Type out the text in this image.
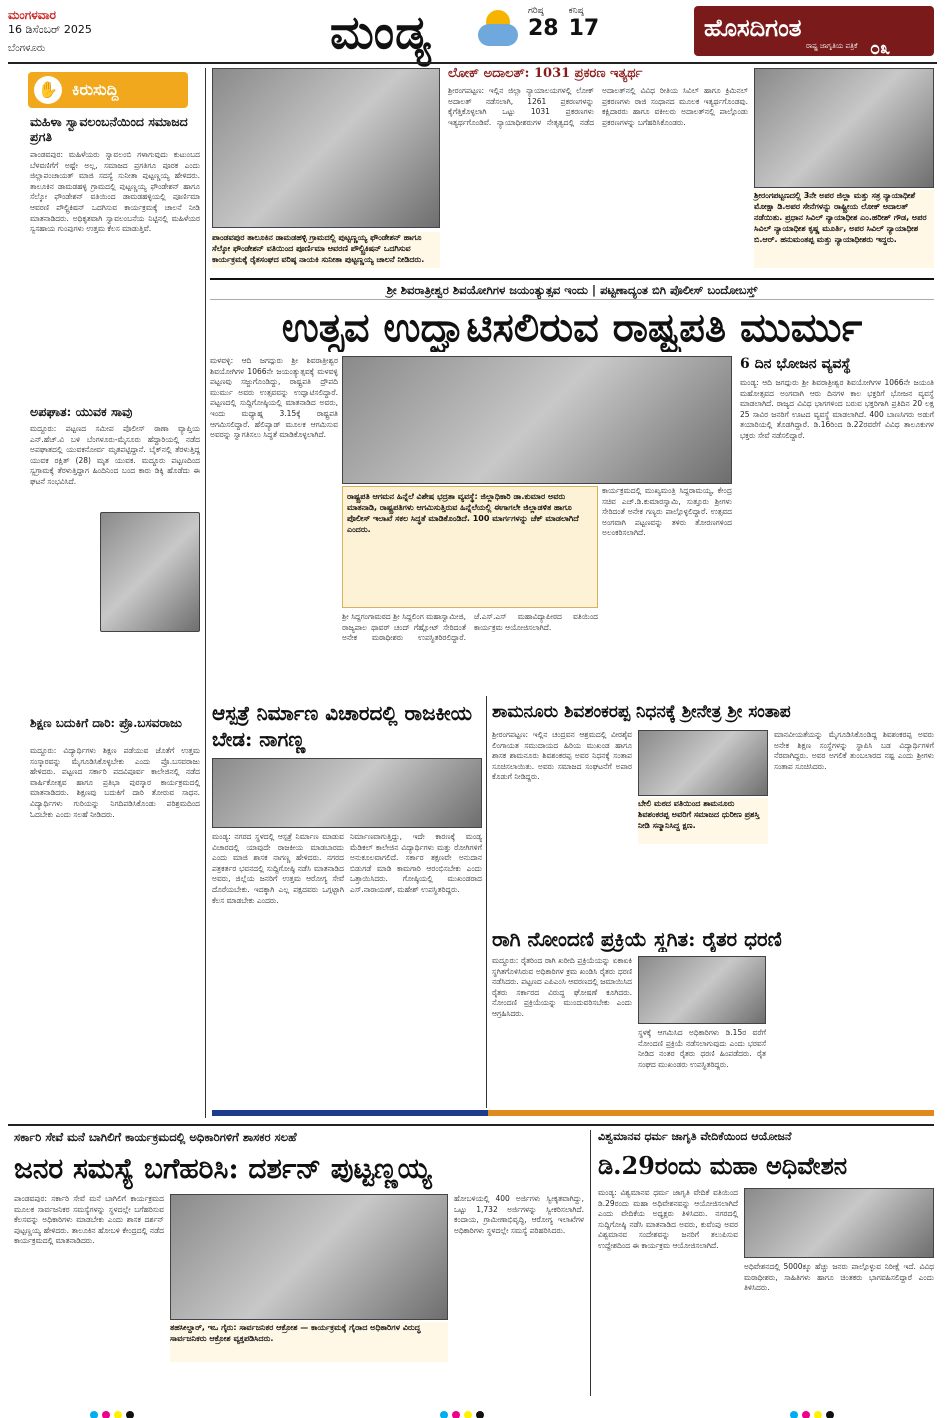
ಮಂಗಳವಾರ
16 ಡಿಸೆಂಬರ್ 2025
ಬೆಂಗಳೂರು	ಮಂಡ್ಯ	ಗರಿಷ್ಠ
28
ಕನಿಷ್ಠ
17	ಹೊಸದಿಗಂತ
ರಾಷ್ಟ್ರ ಜಾಗೃತಿಯ ಪತ್ರಿಕೆ ೦೩
✋ ಕಿರುಸುದ್ದಿ
ಮಹಿಳಾ ಸ್ವಾವಲಂಬನೆಯಿಂದ ಸಮಾಜದ ಪ್ರಗತಿ
ಪಾಂಡವಪುರ: ಮಹಿಳೆಯರು ಸ್ವಾವಲಂಬಿ ಗಳಾಗುವುದು ಕುಟುಂಬದ ಬೆಳವಣಿಗೆಗೆ ಅಷ್ಟೇ ಅಲ್ಲ, ಸಮಾಜದ ಪ್ರಗತಿಗೂ ಪೂರಕ ಎಂದು ಜಿಲ್ಲಾಪಂಚಾಯತ್ ಮಾಜಿ ಸದಸ್ಯೆ ಸುನೀತಾ ಪುಟ್ಟಣ್ಣಯ್ಯ ಹೇಳಿದರು. ತಾಲೂಕಿನ ಡಾಮಡಹಳ್ಳಿ ಗ್ರಾಮದಲ್ಲಿ ಪುಟ್ಟಣ್ಣಯ್ಯ ಫೌಂಡೇಶನ್ ಹಾಗೂ ಸೆಲ್ಕೋ ಫೌಂಡೇಶನ್ ವತಿಯಿಂದ ಡಾಮಡಹಳ್ಳಿಯಲ್ಲಿ ಪೂರ್ಣಿಮಾ ಆವರಣಿ ಪೌಲ್ಟ್ರಿಕಿಷನ್ ಒದಗಿಸುವ ಕಾರ್ಯಕ್ರಮಕ್ಕೆ ಚಾಲನೆ ನೀಡಿ ಮಾತನಾಡಿದರು. ಅಧಿಕೃತವಾಗಿ ಸ್ವಾವಲಂಬನೆಯ ನಿಟ್ಟಿನಲ್ಲಿ ಮಹಿಳೆಯರ ಸ್ವಸಹಾಯ ಗುಂಪುಗಳು ಉತ್ತಮ ಕೆಲಸ ಮಾಡುತ್ತಿವೆ.
ಅಪಘಾತ: ಯುವಕ ಸಾವು
ಮದ್ದೂರು: ಪಟ್ಟಣದ ಸಮೀಪ ಪೊಲೀಸ್ ಠಾಣಾ ವ್ಯಾಪ್ತಿಯ ಎನ್.ಹೆಚ್.ವಿ ಬಳಿ ಬೆಂಗಳೂರು-ಮೈಸೂರು ಹೆದ್ದಾರಿಯಲ್ಲಿ ನಡೆದ ಅಪಘಾತದಲ್ಲಿ ಯುವಕನೋರ್ವ ಮೃತಪಟ್ಟಿದ್ದಾನೆ. ಬೈಕ್‌ನಲ್ಲಿ ತೆರಳುತ್ತಿದ್ದ ಯುವಕ ರಕ್ಷಿತ್ (28) ಮೃತ ಯುವಕ. ಮದ್ದೂರು ಪಟ್ಟಣದಿಂದ ಸ್ವಗ್ರಾಮಕ್ಕೆ ತೆರಳುತ್ತಿದ್ದಾಗ ಹಿಂದಿನಿಂದ ಬಂದ ಕಾರು ಡಿಕ್ಕಿ ಹೊಡೆದು ಈ ಘಟನೆ ಸಂಭವಿಸಿದೆ.
ಶಿಕ್ಷಣ ಬದುಕಿಗೆ ದಾರಿ: ಪ್ರೊ.ಬಸವರಾಜು
ಮದ್ದೂರು: ವಿದ್ಯಾರ್ಥಿಗಳು ಶಿಕ್ಷಣ ಪಡೆಯುವ ಜೊತೆಗೆ ಉತ್ತಮ ಸಂಸ್ಕಾರವನ್ನು ಮೈಗೂಡಿಸಿಕೊಳ್ಳಬೇಕು ಎಂದು ಪ್ರೊ.ಬಸವರಾಜು ಹೇಳಿದರು. ಪಟ್ಟಣದ ಸರ್ಕಾರಿ ಪದವಿಪೂರ್ವ ಕಾಲೇಜಿನಲ್ಲಿ ನಡೆದ ವಾರ್ಷಿಕೋತ್ಸವ ಹಾಗೂ ಪ್ರತಿಭಾ ಪುರಸ್ಕಾರ ಕಾರ್ಯಕ್ರಮದಲ್ಲಿ ಮಾತನಾಡಿದರು. ಶಿಕ್ಷಣವು ಬದುಕಿಗೆ ದಾರಿ ತೋರುವ ಸಾಧನ. ವಿದ್ಯಾರ್ಥಿಗಳು ಗುರಿಯನ್ನು ನಿಗದಿಪಡಿಸಿಕೊಂಡು ಪರಿಶ್ರಮದಿಂದ ಓದಬೇಕು ಎಂದು ಸಲಹೆ ನೀಡಿದರು.
ಪಾಂಡವಪುರ ತಾಲೂಕಿನ ಡಾಮಡಹಳ್ಳಿ ಗ್ರಾಮದಲ್ಲಿ ಪುಟ್ಟಣ್ಣಯ್ಯ ಫೌಂಡೇಶನ್ ಹಾಗೂ ಸೆಲ್ಕೋ ಫೌಂಡೇಶನ್ ವತಿಯಿಂದ ಪೂರ್ಣಿಮಾ ಆವರಣಿ ಪೌಲ್ಟ್ರಿಕಿಷನ್ ಒದಗಿಸುವ ಕಾರ್ಯಕ್ರಮಕ್ಕೆ ರೈತಸಂಘದ ವರಿಷ್ಠ ನಾಯಕಿ ಸುನೀತಾ ಪುಟ್ಟಣ್ಣಯ್ಯ ಚಾಲನೆ ನೀಡಿದರು.
ಲೋಕ್ ಅದಾಲತ್: 1031 ಪ್ರಕರಣ ಇತ್ಯರ್ಥ
ಶ್ರೀರಂಗಪಟ್ಟಣ: ಇಲ್ಲಿನ ಜಿಲ್ಲಾ ನ್ಯಾಯಾಲಯಗಳಲ್ಲಿ ಲೋಕ್ ಅದಾಲತ್ ನಡೆಸಲಾಗಿ, 1261 ಪ್ರಕರಣಗಳನ್ನು ಕೈಗೆತ್ತಿಕೊಳ್ಳಲಾಗಿ ಒಟ್ಟು 1031 ಪ್ರಕರಣಗಳು ಇತ್ಯರ್ಥಗೊಂಡಿವೆ. ನ್ಯಾಯಾಧೀಶರುಗಳ ನೇತೃತ್ವದಲ್ಲಿ ನಡೆದ ಅದಾಲತ್‌ನಲ್ಲಿ ವಿವಿಧ ರೀತಿಯ ಸಿವಿಲ್ ಹಾಗೂ ಕ್ರಿಮಿನಲ್ ಪ್ರಕರಣಗಳು ರಾಜಿ ಸಂಧಾನದ ಮೂಲಕ ಇತ್ಯರ್ಥಗೊಂಡವು. ಕಕ್ಷಿದಾರರು ಹಾಗೂ ವಕೀಲರು ಅದಾಲತ್‌ನಲ್ಲಿ ಪಾಲ್ಗೊಂಡು ಪ್ರಕರಣಗಳನ್ನು ಬಗೆಹರಿಸಿಕೊಂಡರು.
ಶ್ರೀರಂಗಪಟ್ಟಣದಲ್ಲಿ 3ನೇ ಅಪರ ಜಿಲ್ಲಾ ಮತ್ತು ಸತ್ರ ನ್ಯಾಯಾಧೀಶೆ ಮೋಕ್ಷಾ ಡಿ.ಅಪರ ಸೇನೆಗಳನ್ನು ರಾಷ್ಟ್ರೀಯ ಲೋಕ್ ಅದಾಲತ್ ನಡೆಯಿತು. ಪ್ರಧಾನ ಸಿವಿಲ್ ನ್ಯಾಯಾಧೀಶ ಎಂ.ಹರೀಶ್ ಗೌಡ, ಅಪರ ಸಿವಿಲ್ ನ್ಯಾಯಾಧೀಶ ಕೃಷ್ಣ ಮೂರ್ತಿ, ಅಪರ ಸಿವಿಲ್ ನ್ಯಾಯಾಧೀಶ ಬಿ.ಆರ್. ಹನುಮಂತಪ್ಪ ಮತ್ತು ನ್ಯಾಯಾಧೀಶರು ಇದ್ದರು.
ಶ್ರೀ ಶಿವರಾತ್ರೀಶ್ವರ ಶಿವಯೋಗಿಗಳ ಜಯಂತ್ಯುತ್ಸವ ಇಂದು | ಪಟ್ಟಣಾದ್ಯಂತ ಬಿಗಿ ಪೊಲೀಸ್ ಬಂದೋಬಸ್ತ್
ಉತ್ಸವ ಉದ್ಘಾಟಿಸಲಿರುವ ರಾಷ್ಟ್ರಪತಿ ಮುರ್ಮು
ಮಳವಳ್ಳಿ: ಆದಿ ಜಗದ್ಗುರು ಶ್ರೀ ಶಿವರಾತ್ರೀಶ್ವರ ಶಿವಯೋಗಿಗಳ 1066ನೇ ಜಯಂತ್ಯುತ್ಸವಕ್ಕೆ ಮಳವಳ್ಳಿ ಪಟ್ಟಣವು ಸಜ್ಜುಗೊಂಡಿದ್ದು, ರಾಷ್ಟ್ರಪತಿ ದ್ರೌಪದಿ ಮುರ್ಮು ಅವರು ಉತ್ಸವವನ್ನು ಉದ್ಘಾಟಿಸಲಿದ್ದಾರೆ. ಪಟ್ಟಣದಲ್ಲಿ ಸುದ್ದಿಗೋಷ್ಠಿಯಲ್ಲಿ ಮಾತನಾಡಿದ ಅವರು, ಇಂದು ಮಧ್ಯಾಹ್ನ 3.15ಕ್ಕೆ ರಾಷ್ಟ್ರಪತಿ ಆಗಮಿಸಲಿದ್ದಾರೆ. ಹೆಲಿಪ್ಯಾಡ್ ಮೂಲಕ ಆಗಮಿಸುವ ಅವರನ್ನು ಸ್ವಾಗತಿಸಲು ಸಿದ್ಧತೆ ಮಾಡಿಕೊಳ್ಳಲಾಗಿದೆ.
ರಾಷ್ಟ್ರಪತಿ ಆಗಮನ ಹಿನ್ನೆಲೆ ವಿಶೇಷ ಭದ್ರತಾ ವ್ಯವಸ್ಥೆ: ಜಿಲ್ಲಾಧಿಕಾರಿ ಡಾ.ಕುಮಾರ ಅವರು ಮಾತನಾಡಿ, ರಾಷ್ಟ್ರಪತಿಗಳು ಆಗಮಿಸುತ್ತಿರುವ ಹಿನ್ನೆಲೆಯಲ್ಲಿ ಈಗಾಗಲೇ ಜಿಲ್ಲಾಡಳಿತ ಹಾಗೂ ಪೊಲೀಸ್ ಇಲಾಖೆ ಸಕಲ ಸಿದ್ಧತೆ ಮಾಡಿಕೊಂಡಿದೆ. 100 ಮಾರ್ಗಗಳನ್ನು ಚೆಕ್ ಮಾಡಲಾಗಿದೆ ಎಂದರು.
ಕಾರ್ಯಕ್ರಮದಲ್ಲಿ ಮುಖ್ಯಮಂತ್ರಿ ಸಿದ್ದರಾಮಯ್ಯ, ಕೇಂದ್ರ ಸಚಿವ ಎಚ್.ಡಿ.ಕುಮಾರಸ್ವಾಮಿ, ಸುತ್ತೂರು ಶ್ರೀಗಳು ಸೇರಿದಂತೆ ಅನೇಕ ಗಣ್ಯರು ಪಾಲ್ಗೊಳ್ಳಲಿದ್ದಾರೆ. ಉತ್ಸವದ ಅಂಗವಾಗಿ ಪಟ್ಟಣವನ್ನು ತಳಿರು ತೋರಣಗಳಿಂದ ಅಲಂಕರಿಸಲಾಗಿದೆ.
ಶ್ರೀ ಸಿದ್ದಗಂಗಾಮಠದ ಶ್ರೀ ಸಿದ್ದಲಿಂಗ ಮಹಾಸ್ವಾಮೀಜಿ, ರಾಜ್ಯಪಾಲ ಥಾವರ್ ಚಂದ್ ಗೆಹ್ಲೋಟ್ ಸೇರಿದಂತೆ ಅನೇಕ ಮಠಾಧೀಶರು ಉಪಸ್ಥಿತರಿರಲಿದ್ದಾರೆ. ಜೆ.ಎಸ್.ಎಸ್ ಮಹಾವಿದ್ಯಾಪೀಠದ ವತಿಯಿಂದ ಕಾರ್ಯಕ್ರಮ ಆಯೋಜಿಸಲಾಗಿದೆ.
6 ದಿನ ಭೋಜನ ವ್ಯವಸ್ಥೆ
ಮಂಡ್ಯ: ಆದಿ ಜಗದ್ಗುರು ಶ್ರೀ ಶಿವರಾತ್ರೀಶ್ವರ ಶಿವಯೋಗಿಗಳ 1066ನೇ ಜಯಂತಿ ಮಹೋತ್ಸವದ ಅಂಗವಾಗಿ ಆರು ದಿನಗಳ ಕಾಲ ಭಕ್ತರಿಗೆ ಭೋಜನ ವ್ಯವಸ್ಥೆ ಮಾಡಲಾಗಿದೆ. ರಾಜ್ಯದ ವಿವಿಧ ಭಾಗಗಳಿಂದ ಬರುವ ಭಕ್ತರಿಗಾಗಿ ಪ್ರತಿದಿನ 20 ಲಕ್ಷ 25 ಸಾವಿರ ಜನರಿಗೆ ಊಟದ ವ್ಯವಸ್ಥೆ ಮಾಡಲಾಗಿದೆ. 400 ಬಾಣಸಿಗರು ಅಡುಗೆ ತಯಾರಿಯಲ್ಲಿ ತೊಡಗಿದ್ದಾರೆ. ಡಿ.16ರಿಂದ ಡಿ.22ರವರೆಗೆ ವಿವಿಧ ತಾಲೂಕುಗಳ ಭಕ್ತರು ಸೇವೆ ನಡೆಸಲಿದ್ದಾರೆ.
ಆಸ್ಪತ್ರೆ ನಿರ್ಮಾಣ ವಿಚಾರದಲ್ಲಿ ರಾಜಕೀಯ ಬೇಡ: ನಾಗಣ್ಣ
ಮಂಡ್ಯ: ನಗರದ ಸ್ಥಳದಲ್ಲಿ ಆಸ್ಪತ್ರೆ ನಿರ್ಮಾಣ ಮಾಡುವ ವಿಚಾರದಲ್ಲಿ ಯಾವುದೇ ರಾಜಕೀಯ ಮಾಡಬಾರದು ಎಂದು ಮಾಜಿ ಶಾಸಕ ನಾಗಣ್ಣ ಹೇಳಿದರು. ನಗರದ ಪತ್ರಕರ್ತರ ಭವನದಲ್ಲಿ ಸುದ್ದಿಗೋಷ್ಠಿ ನಡೆಸಿ ಮಾತನಾಡಿದ ಅವರು, ಜಿಲ್ಲೆಯ ಜನರಿಗೆ ಉತ್ತಮ ಆರೋಗ್ಯ ಸೇವೆ ದೊರೆಯಬೇಕು. ಇದಕ್ಕಾಗಿ ಎಲ್ಲ ಪಕ್ಷದವರು ಒಗ್ಗಟ್ಟಾಗಿ ಕೆಲಸ ಮಾಡಬೇಕು ಎಂದರು.
ನಿರ್ಮಾಣವಾಗುತ್ತಿದ್ದು, ಇದೇ ಕಾರಣಕ್ಕೆ ಮಂಡ್ಯ ಮೆಡಿಕಲ್ ಕಾಲೇಜಿನ ವಿದ್ಯಾರ್ಥಿಗಳು ಮತ್ತು ರೋಗಿಗಳಿಗೆ ಅನುಕೂಲವಾಗಲಿದೆ. ಸರ್ಕಾರ ತಕ್ಷಣವೇ ಅನುದಾನ ಬಿಡುಗಡೆ ಮಾಡಿ ಕಾಮಗಾರಿ ಆರಂಭಿಸಬೇಕು ಎಂದು ಒತ್ತಾಯಿಸಿದರು. ಗೋಷ್ಠಿಯಲ್ಲಿ ಮುಖಂಡರಾದ ಎಸ್.ನಾರಾಯಣ್, ಮಹೇಶ್ ಉಪಸ್ಥಿತರಿದ್ದರು.
ಶಾಮನೂರು ಶಿವಶಂಕರಪ್ಪ ನಿಧನಕ್ಕೆ ಶ್ರೀನೇತ್ರ ಶ್ರೀ ಸಂತಾಪ
ಶ್ರೀರಂಗಪಟ್ಟಣ: ಇಲ್ಲಿನ ಚಂದ್ರವನ ಆಶ್ರಮದಲ್ಲಿ ವೀರಶೈವ ಲಿಂಗಾಯತ ಸಮುದಾಯದ ಹಿರಿಯ ಮುಖಂಡ ಹಾಗೂ ಶಾಸಕ ಶಾಮನೂರು ಶಿವಶಂಕರಪ್ಪ ಅವರ ನಿಧನಕ್ಕೆ ಸಂತಾಪ ಸೂಚಿಸಲಾಯಿತು. ಅವರು ಸಮಾಜದ ಸಂಘಟನೆಗೆ ಅಪಾರ ಕೊಡುಗೆ ನೀಡಿದ್ದರು.
ಬೇಲಿ ಮಠದ ವತಿಯಿಂದ ಶಾಮನೂರು ಶಿವಶಂಕರಪ್ಪ ಅವರಿಗೆ ಸಮಾಜದ ಧುರೀಣ ಪ್ರಶಸ್ತಿ ನೀಡಿ ಸನ್ಮಾನಿಸಿದ್ದ ಕ್ಷಣ.
ಮಾನವೀಯತೆಯನ್ನು ಮೈಗೂಡಿಸಿಕೊಂಡಿದ್ದ ಶಿವಶಂಕರಪ್ಪ ಅವರು ಅನೇಕ ಶಿಕ್ಷಣ ಸಂಸ್ಥೆಗಳನ್ನು ಸ್ಥಾಪಿಸಿ ಬಡ ವಿದ್ಯಾರ್ಥಿಗಳಿಗೆ ನೆರವಾಗಿದ್ದರು. ಅವರ ಅಗಲಿಕೆ ತುಂಬಲಾರದ ನಷ್ಟ ಎಂದು ಶ್ರೀಗಳು ಸಂತಾಪ ಸೂಚಿಸಿದರು.
ರಾಗಿ ನೋಂದಣಿ ಪ್ರಕ್ರಿಯೆ ಸ್ಥಗಿತ: ರೈತರ ಧರಣಿ
ಮದ್ದೂರು: ರೈತರಿಂದ ರಾಗಿ ಖರೀದಿ ಪ್ರಕ್ರಿಯೆಯನ್ನು ಏಕಾಏಕಿ ಸ್ಥಗಿತಗೊಳಿಸಿರುವ ಅಧಿಕಾರಿಗಳ ಕ್ರಮ ಖಂಡಿಸಿ ರೈತರು ಧರಣಿ ನಡೆಸಿದರು. ಪಟ್ಟಣದ ಎಪಿಎಂಸಿ ಆವರಣದಲ್ಲಿ ಜಮಾಯಿಸಿದ ರೈತರು ಸರ್ಕಾರದ ವಿರುದ್ಧ ಘೋಷಣೆ ಕೂಗಿದರು. ನೋಂದಣಿ ಪ್ರಕ್ರಿಯೆಯನ್ನು ಮುಂದುವರಿಸಬೇಕು ಎಂದು ಆಗ್ರಹಿಸಿದರು.
ಸ್ಥಳಕ್ಕೆ ಆಗಮಿಸಿದ ಅಧಿಕಾರಿಗಳು ಡಿ.15ರ ವರೆಗೆ ನೋಂದಣಿ ಪ್ರಕ್ರಿಯೆ ನಡೆಸಲಾಗುವುದು ಎಂದು ಭರವಸೆ ನೀಡಿದ ನಂತರ ರೈತರು ಧರಣಿ ಹಿಂಪಡೆದರು. ರೈತ ಸಂಘದ ಮುಖಂಡರು ಉಪಸ್ಥಿತರಿದ್ದರು.
ಸರ್ಕಾರಿ ಸೇವೆ ಮನೆ ಬಾಗಿಲಿಗೆ ಕಾರ್ಯಕ್ರಮದಲ್ಲಿ ಅಧಿಕಾರಿಗಳಿಗೆ ಶಾಸಕರ ಸಲಹೆ
ಜನರ ಸಮಸ್ಯೆ ಬಗೆಹರಿಸಿ: ದರ್ಶನ್ ಪುಟ್ಟಣ್ಣಯ್ಯ
ಪಾಂಡವಪುರ: ಸರ್ಕಾರಿ ಸೇವೆ ಮನೆ ಬಾಗಿಲಿಗೆ ಕಾರ್ಯಕ್ರಮದ ಮೂಲಕ ಸಾರ್ವಜನಿಕರ ಸಮಸ್ಯೆಗಳನ್ನು ಸ್ಥಳದಲ್ಲೇ ಬಗೆಹರಿಸುವ ಕೆಲಸವನ್ನು ಅಧಿಕಾರಿಗಳು ಮಾಡಬೇಕು ಎಂದು ಶಾಸಕ ದರ್ಶನ್ ಪುಟ್ಟಣ್ಣಯ್ಯ ಹೇಳಿದರು. ತಾಲೂಕಿನ ಹೋಬಳಿ ಕೇಂದ್ರದಲ್ಲಿ ನಡೆದ ಕಾರ್ಯಕ್ರಮದಲ್ಲಿ ಮಾತನಾಡಿದರು.
ತಹಸೀಲ್ದಾರ್, ಇಒ ಗೈರು: ಸಾರ್ವಜನಿಕರ ಆಕ್ರೋಶ — ಕಾರ್ಯಕ್ರಮಕ್ಕೆ ಗೈರಾದ ಅಧಿಕಾರಿಗಳ ವಿರುದ್ಧ ಸಾರ್ವಜನಿಕರು ಆಕ್ರೋಶ ವ್ಯಕ್ತಪಡಿಸಿದರು.
ಹೋಬಳಿಯಲ್ಲಿ 400 ಅರ್ಜಿಗಳು ಸ್ವೀಕೃತವಾಗಿದ್ದು, ಒಟ್ಟು 1,732 ಅರ್ಜಿಗಳನ್ನು ಸ್ವೀಕರಿಸಲಾಗಿದೆ. ಕಂದಾಯ, ಗ್ರಾಮೀಣಾಭಿವೃದ್ಧಿ, ಆರೋಗ್ಯ ಇಲಾಖೆಗಳ ಅಧಿಕಾರಿಗಳು ಸ್ಥಳದಲ್ಲೇ ಸಮಸ್ಯೆ ಪರಿಹರಿಸಿದರು.
ವಿಶ್ವಮಾನವ ಧರ್ಮ ಜಾಗೃತಿ ವೇದಿಕೆಯಿಂದ ಆಯೋಜನೆ
ಡಿ.29ರಂದು ಮಹಾ ಅಧಿವೇಶನ
ಮಂಡ್ಯ: ವಿಶ್ವಮಾನವ ಧರ್ಮ ಜಾಗೃತಿ ವೇದಿಕೆ ವತಿಯಿಂದ ಡಿ.29ರಂದು ಮಹಾ ಅಧಿವೇಶನವನ್ನು ಆಯೋಜಿಸಲಾಗಿದೆ ಎಂದು ವೇದಿಕೆಯ ಅಧ್ಯಕ್ಷರು ತಿಳಿಸಿದರು. ನಗರದಲ್ಲಿ ಸುದ್ದಿಗೋಷ್ಠಿ ನಡೆಸಿ ಮಾತನಾಡಿದ ಅವರು, ಕುವೆಂಪು ಅವರ ವಿಶ್ವಮಾನವ ಸಂದೇಶವನ್ನು ಜನರಿಗೆ ತಲುಪಿಸುವ ಉದ್ದೇಶದಿಂದ ಈ ಕಾರ್ಯಕ್ರಮ ಆಯೋಜಿಸಲಾಗಿದೆ.
ಅಧಿವೇಶನದಲ್ಲಿ 5000ಕ್ಕೂ ಹೆಚ್ಚು ಜನರು ಪಾಲ್ಗೊಳ್ಳುವ ನಿರೀಕ್ಷೆ ಇದೆ. ವಿವಿಧ ಮಠಾಧೀಶರು, ಸಾಹಿತಿಗಳು ಹಾಗೂ ಚಿಂತಕರು ಭಾಗವಹಿಸಲಿದ್ದಾರೆ ಎಂದು ತಿಳಿಸಿದರು.
